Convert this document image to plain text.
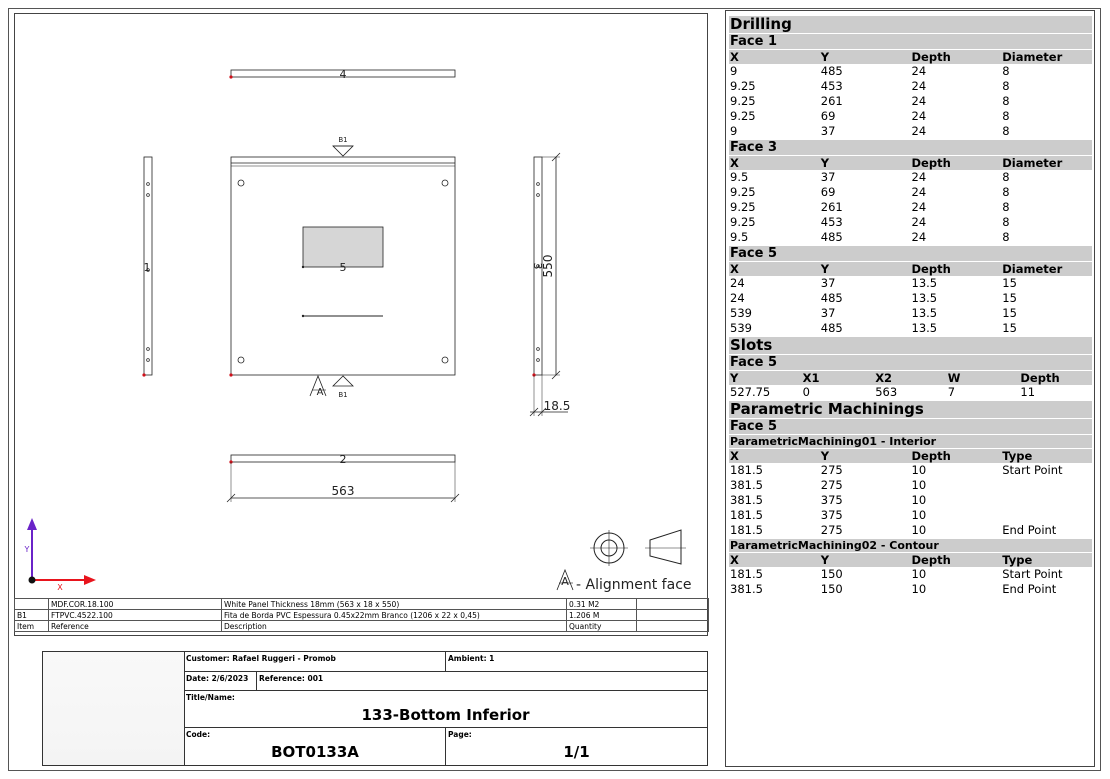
4
5
B1
B1
A
1	3
550
18.5
2
563
Y
X	A - Alignment face
	MDF.COR.18.100	White Panel Thickness 18mm (563 x 18 x 550)	0.31 M2	
B1	FTPVC.4522.100	Fita de Borda PVC Espessura 0.45x22mm Branco (1206 x 22 x 0,45)	1.206 M	
Item	Reference	Description	Quantity	
Customer: Rafael Ruggeri - Promob	Ambient: 1
Date: 2/6/2023	Reference: 001
Title/Name:
133-Bottom Inferior
Code:
BOT0133A
Page:
1/1
Drilling
Face 1
X	Y	Depth	Diameter
9	485	24	8
9.25	453	24	8
9.25	261	24	8
9.25	69	24	8
9	37	24	8
Face 3
X	Y	Depth	Diameter
9.5	37	24	8
9.25	69	24	8
9.25	261	24	8
9.25	453	24	8
9.5	485	24	8
Face 5
X	Y	Depth	Diameter
24	37	13.5	15
24	485	13.5	15
539	37	13.5	15
539	485	13.5	15
Slots
Face 5
Y	X1	X2	W	Depth
527.75	0	563	7	11
Parametric Machinings
Face 5
ParametricMachining01 - Interior
X	Y	Depth	Type
181.5	275	10	Start Point
381.5	275	10
381.5	375	10
181.5	375	10
181.5	275	10	End Point
ParametricMachining02 - Contour
X	Y	Depth	Type
181.5	150	10	Start Point
381.5	150	10	End Point
